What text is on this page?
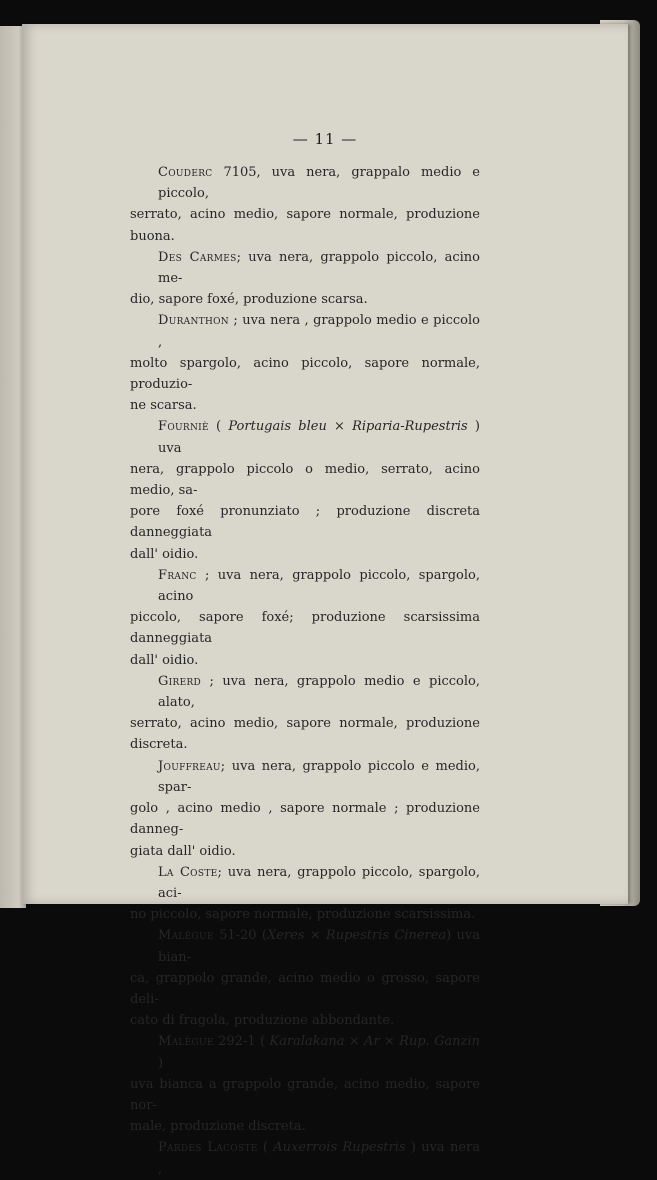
— 11 —

Couderc 7105, uva nera, grappalo medio e piccolo,

serrato, acino medio, sapore normale, produzione buona.

Des Carmes; uva nera, grappolo piccolo, acino me-

dio, sapore foxé, produzione scarsa.

Duranthon ; uva nera , grappolo medio e piccolo ,

molto spargolo, acino piccolo, sapore normale, produzio-

ne scarsa.

Fourniè ( Portugais bleu × Riparia-Rupestris ) uva

nera, grappolo piccolo o medio, serrato, acino medio, sa-

pore foxé pronunziato ; produzione discreta danneggiata

dall' oidio.

Franc ; uva nera, grappolo piccolo, spargolo, acino

piccolo, sapore foxé; produzione scarsissima danneggiata

dall' oidio.

Girerd ; uva nera, grappolo medio e piccolo, alato,

serrato, acino medio, sapore normale, produzione discreta.

Jouffreau; uva nera, grappolo piccolo e medio, spar-

golo , acino medio , sapore normale ; produzione danneg-

giata dall' oidio.

La Coste; uva nera, grappolo piccolo, spargolo, aci-

no piccolo, sapore normale, produzione scarsissima.

Malègue 51-20 (Xeres × Rupestris Cinerea) uva bian-

ca, grappolo grande, acino medio o grosso, sapore deli-

cato di fragola, produzione abbondante.

Malègue 292-1 ( Karalakana × Ar × Rup. Ganzin )

uva bianca a grappolo grande, acino medio, sapore nor-

male, produzione discreta.

Pardes Lacoste ( Auxerrois Rupestris ) uva nera ,
